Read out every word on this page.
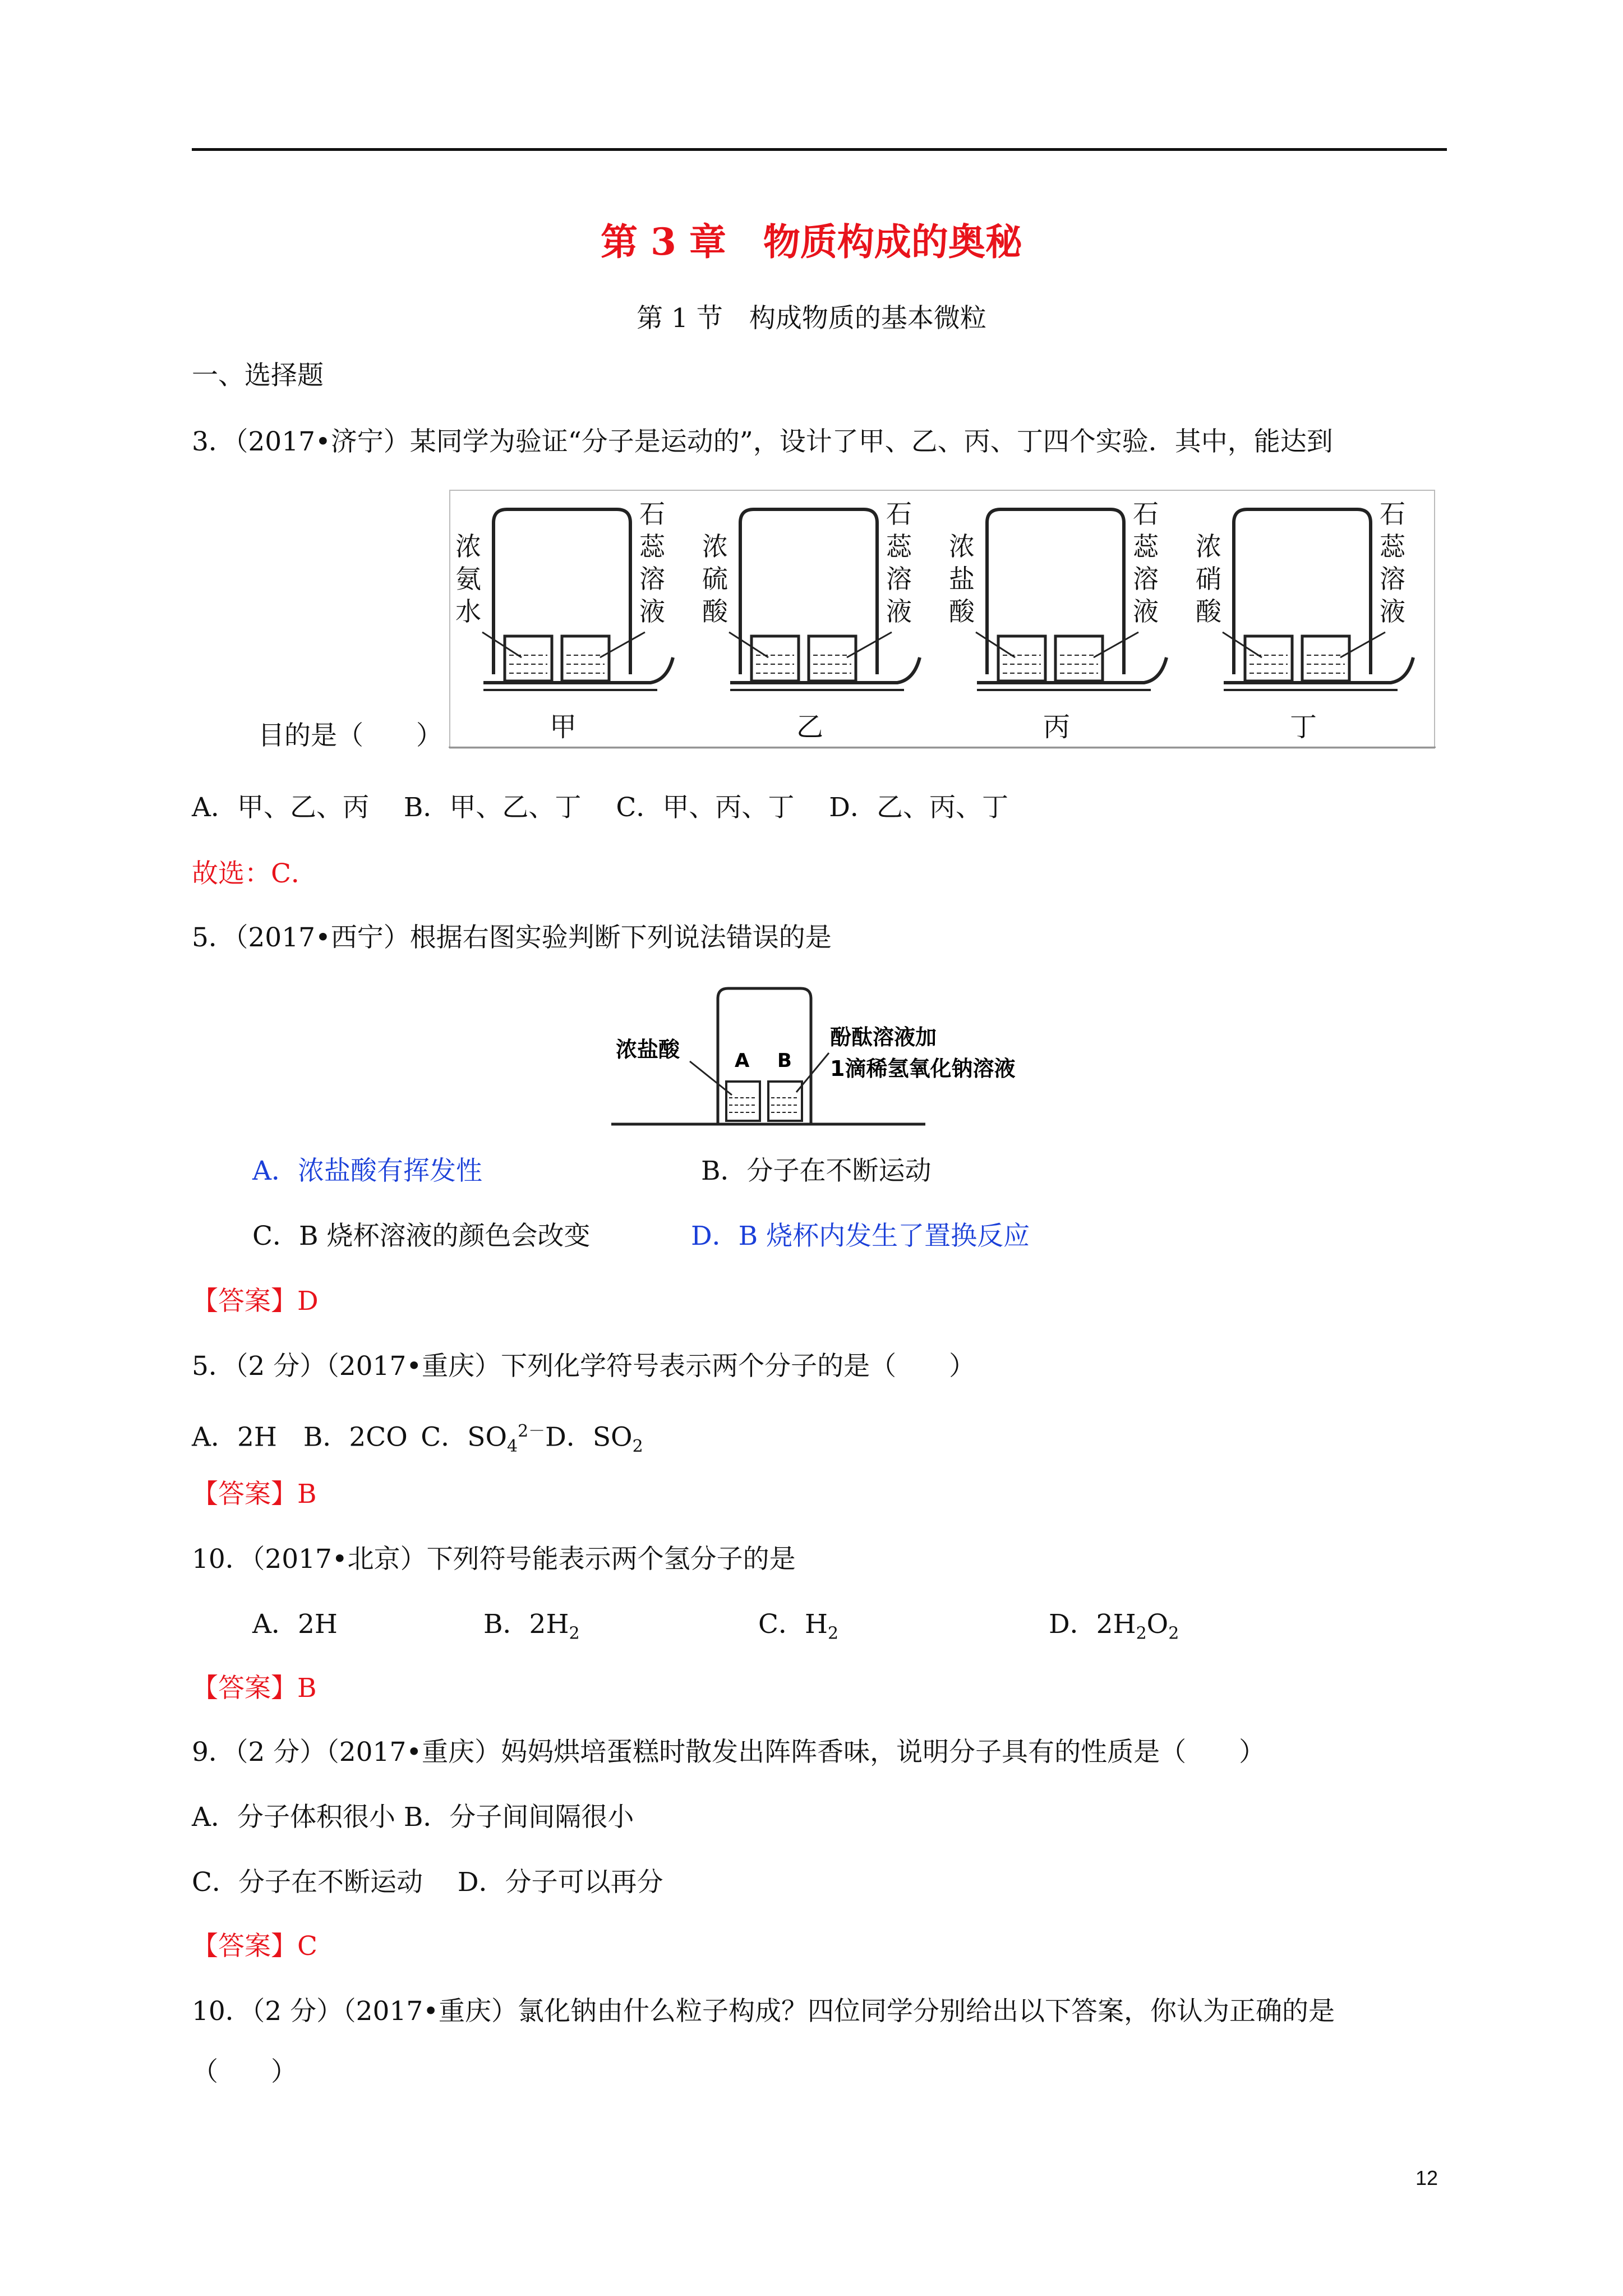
第 3 章　物质构成的奥秘
第 1 节　构成物质的基本微粒
一、选择题
3．（2017•济宁）某同学为验证“分子是运动的”，设计了甲、乙、丙、丁四个实验．其中，能达到
浓
氨
水
石
蕊
溶
液
甲
浓
硫
酸
石
蕊
溶
液
乙
浓
盐
酸
石
蕊
溶
液
丙
浓
硝
酸
石
蕊
溶
液
丁
目的是（　　）
A．甲、乙、丙　 B．甲、乙、丁　 C．甲、丙、丁　 D．乙、丙、丁
故选：C．
5．（2017•西宁）根据右图实验判断下列说法错误的是
A B
浓盐酸	酚酞溶液加
1滴稀氢氧化钠溶液
A．浓盐酸有挥发性	B．分子在不断运动
C．B 烧杯溶液的颜色会改变	D．B 烧杯内发生了置换反应
【答案】D
5．（2 分）（2017•重庆）下列化学符号表示两个分子的是（　　）
A．2H   B．2CO  C．$SO_4^{2-}D$．$SO_2$
【答案】B
10．（2017•北京）下列符号能表示两个氢分子的是
A．2H	B．$2H_2$	C．$H_2$	D．$2H_2O_2$
【答案】B
9．（2 分）（2017•重庆）妈妈烘培蛋糕时散发出阵阵香味，说明分子具有的性质是（　　）
A．分子体积很小 B．分子间间隔很小
C．分子在不断运动　 D．分子可以再分
【答案】C
10．（2 分）（2017•重庆）氯化钠由什么粒子构成？四位同学分别给出以下答案，你认为正确的是
（　　）
12
